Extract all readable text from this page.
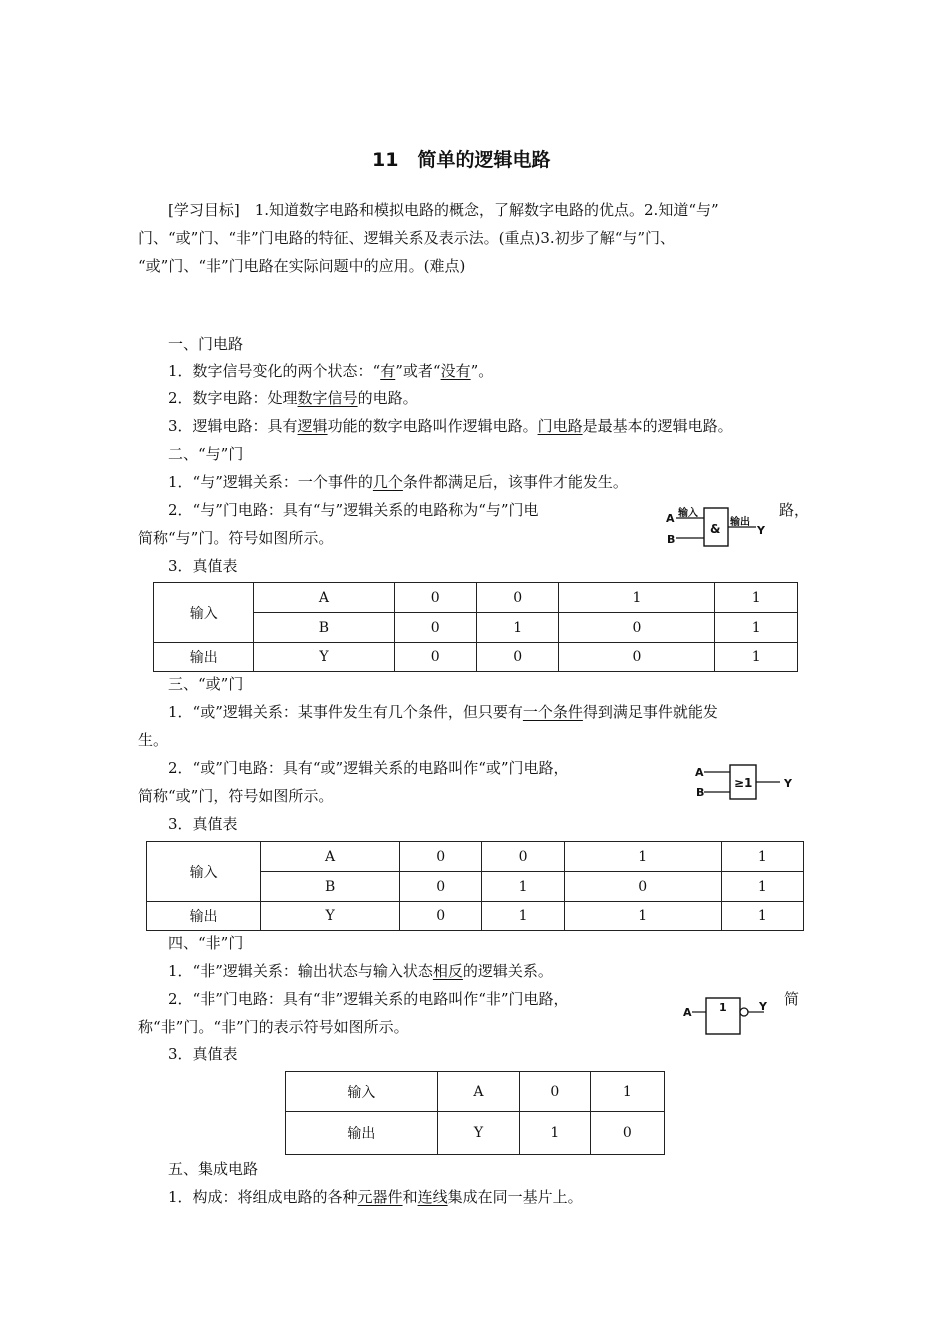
11　简单的逻辑电路
[学习目标]　1.知道数字电路和模拟电路的概念，了解数字电路的优点。2.知道“与”
门、“或”门、“非”门电路的特征、逻辑关系及表示法。(重点)3.初步了解“与”门、
“或”门、“非”门电路在实际问题中的应用。(难点)
一、门电路
1．数字信号变化的两个状态：“有”或者“没有”。
2．数字电路：处理数字信号的电路。
3．逻辑电路：具有逻辑功能的数字电路叫作逻辑电路。门电路是最基本的逻辑电路。
二、“与”门
1．“与”逻辑关系：一个事件的几个条件都满足后，该事件才能发生。
2．“与”门电路：具有“与”逻辑关系的电路称为“与”门电	路，
简称“与”门。符号如图所示。
A
B
输入
输出
Y
&
3．真值表
输入	A	0	0	1	1
	B	0	1	0	1
输出	Y	0	0	0	1
三、“或”门
1．“或”逻辑关系：某事件发生有几个条件，但只要有一个条件得到满足事件就能发
生。
2．“或”门电路：具有“或”逻辑关系的电路叫作“或”门电路，
简称“或”门，符号如图所示。
A
B
Y
≥1
3．真值表
输入	A	0	0	1	1
	B	0	1	0	1
输出	Y	0	1	1	1
四、“非”门
1．“非”逻辑关系：输出状态与输入状态相反的逻辑关系。
2．“非”门电路：具有“非”逻辑关系的电路叫作“非”门电路，	简
称“非”门。“非”门的表示符号如图所示。
A	Y
1
3．真值表
输入	A	0	1
输出	Y	1	0
五、集成电路
1．构成：将组成电路的各种元器件和连线集成在同一基片上。
